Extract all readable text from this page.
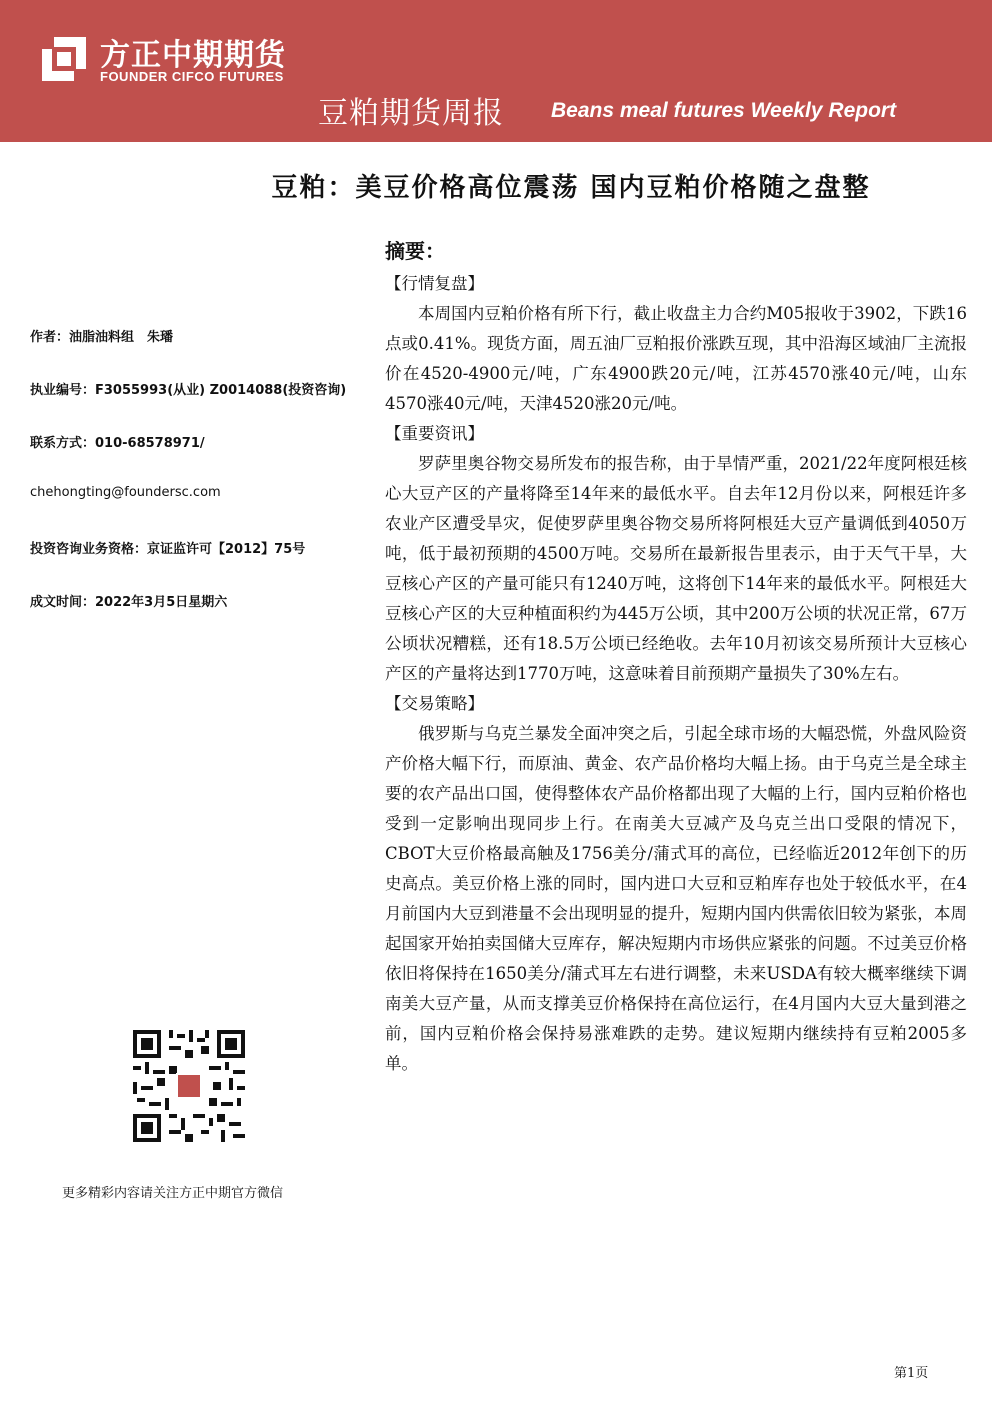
方正中期期货
FOUNDER CIFCO FUTURES
豆粕期货周报 Beans meal futures Weekly Report
豆粕：美豆价格高位震荡 国内豆粕价格随之盘整
作者：油脂油料组　朱璠
执业编号：F3055993(从业) Z0014088(投资咨询)
联系方式：010-68578971/
chehongting@foundersc.com
投资咨询业务资格：京证监许可【2012】75号
成文时间：2022年3月5日星期六
更多精彩内容请关注方正中期官方微信
摘要：
【行情复盘】

本周国内豆粕价格有所下行，截止收盘主力合约M05报收于3902，下跌16点或0.41%。现货方面，周五油厂豆粕报价涨跌互现，其中沿海区域油厂主流报价在4520-4900元/吨，广东4900跌20元/吨，江苏4570涨40元/吨，山东4570涨40元/吨，天津4520涨20元/吨。

【重要资讯】

罗萨里奥谷物交易所发布的报告称，由于旱情严重，2021/22年度阿根廷核心大豆产区的产量将降至14年来的最低水平。自去年12月份以来，阿根廷许多农业产区遭受旱灾，促使罗萨里奥谷物交易所将阿根廷大豆产量调低到4050万吨，低于最初预期的4500万吨。交易所在最新报告里表示，由于天气干旱，大豆核心产区的产量可能只有1240万吨，这将创下14年来的最低水平。阿根廷大豆核心产区的大豆种植面积约为445万公顷，其中200万公顷的状况正常，67万公顷状况糟糕，还有18.5万公顷已经绝收。去年10月初该交易所预计大豆核心产区的产量将达到1770万吨，这意味着目前预期产量损失了30%左右。

【交易策略】

俄罗斯与乌克兰暴发全面冲突之后，引起全球市场的大幅恐慌，外盘风险资产价格大幅下行，而原油、黄金、农产品价格均大幅上扬。由于乌克兰是全球主要的农产品出口国，使得整体农产品价格都出现了大幅的上行，国内豆粕价格也受到一定影响出现同步上行。在南美大豆减产及乌克兰出口受限的情况下，CBOT大豆价格最高触及1756美分/蒲式耳的高位，已经临近2012年创下的历史高点。美豆价格上涨的同时，国内进口大豆和豆粕库存也处于较低水平，在4月前国内大豆到港量不会出现明显的提升，短期内国内供需依旧较为紧张，本周起国家开始拍卖国储大豆库存，解决短期内市场供应紧张的问题。不过美豆价格依旧将保持在1650美分/蒲式耳左右进行调整，未来USDA有较大概率继续下调南美大豆产量，从而支撑美豆价格保持在高位运行，在4月国内大豆大量到港之前，国内豆粕价格会保持易涨难跌的走势。建议短期内继续持有豆粕2005多单。

第1页
